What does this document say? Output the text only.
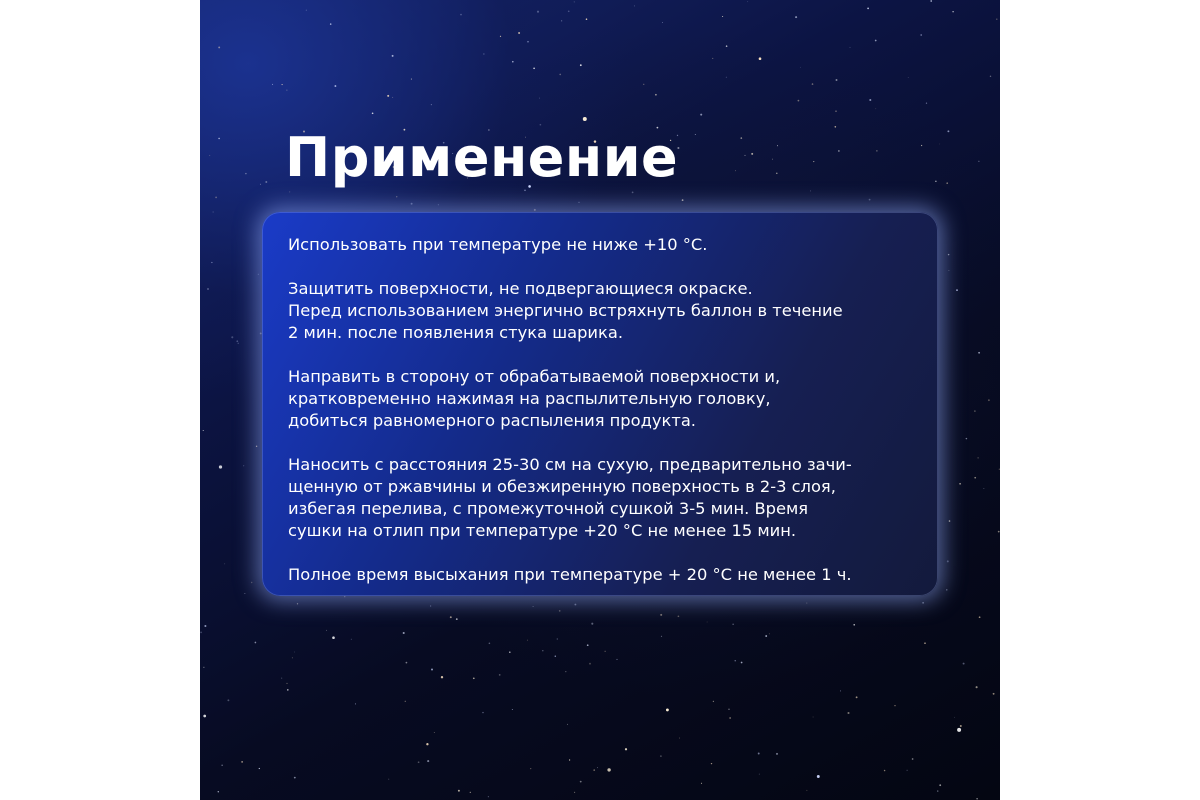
Применение

Использовать при температуре не ниже +10 °С.

Защитить поверхности, не подвергающиеся окраске.
Перед использованием энергично встряхнуть баллон в течение
2 мин. после появления стука шарика.

Направить в сторону от обрабатываемой поверхности и,
кратковременно нажимая на распылительную головку,
добиться равномерного распыления продукта.

Наносить с расстояния 25-30 см на сухую, предварительно зачи-
щенную от ржавчины и обезжиренную поверхность в 2-3 слоя,
избегая перелива, с промежуточной сушкой 3-5 мин. Время
сушки на отлип при температуре +20 °С не менее 15 мин.

Полное время высыхания при температуре + 20 °С не менее 1 ч.
